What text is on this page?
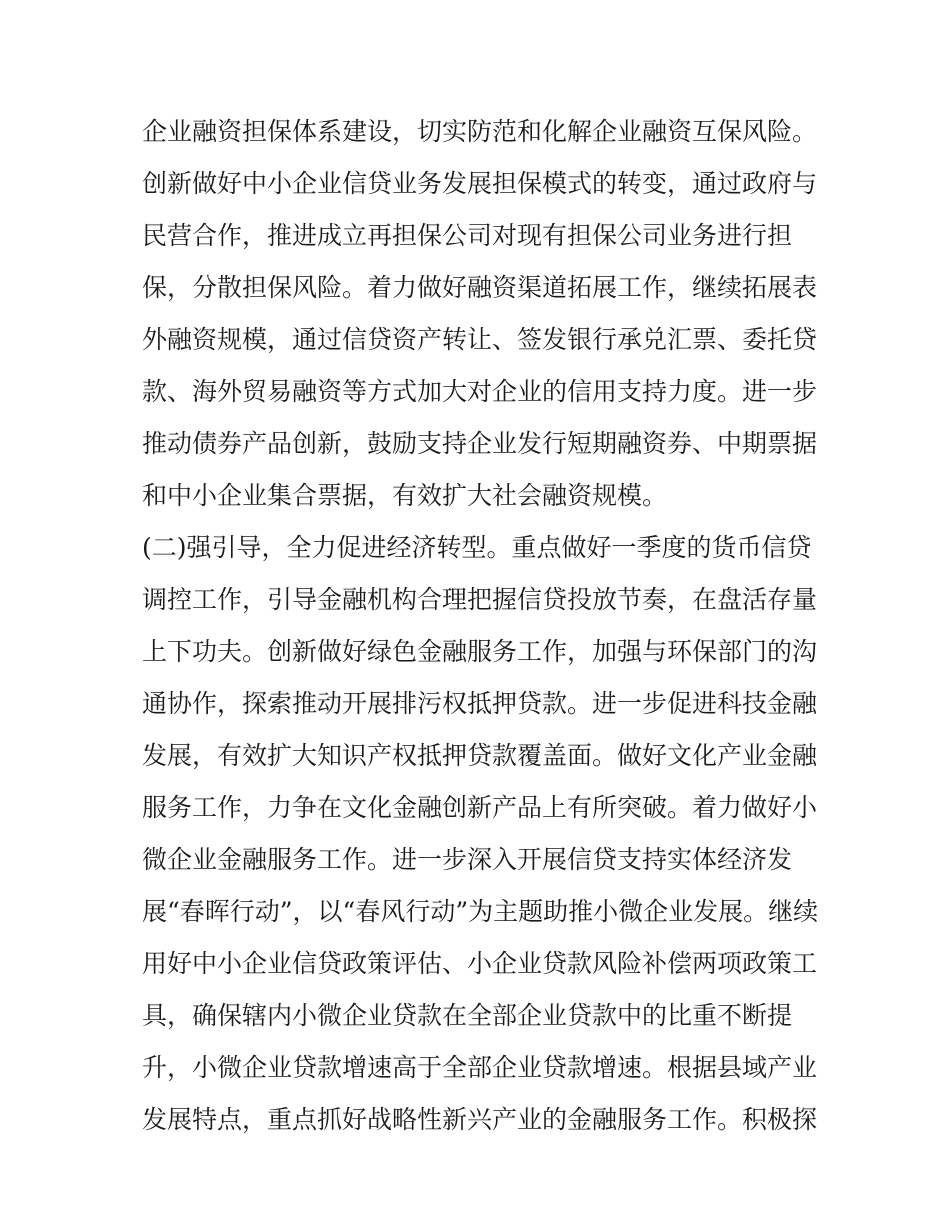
企业融资担保体系建设，切实防范和化解企业融资互保风险。
创新做好中小企业信贷业务发展担保模式的转变，通过政府与
民营合作，推进成立再担保公司对现有担保公司业务进行担
保，分散担保风险。着力做好融资渠道拓展工作，继续拓展表
外融资规模，通过信贷资产转让、签发银行承兑汇票、委托贷
款、海外贸易融资等方式加大对企业的信用支持力度。进一步
推动债券产品创新，鼓励支持企业发行短期融资券、中期票据
和中小企业集合票据，有效扩大社会融资规模。
(二)强引导，全力促进经济转型。重点做好一季度的货币信贷
调控工作，引导金融机构合理把握信贷投放节奏，在盘活存量
上下功夫。创新做好绿色金融服务工作，加强与环保部门的沟
通协作，探索推动开展排污权抵押贷款。进一步促进科技金融
发展，有效扩大知识产权抵押贷款覆盖面。做好文化产业金融
服务工作，力争在文化金融创新产品上有所突破。着力做好小
微企业金融服务工作。进一步深入开展信贷支持实体经济发
展“春晖行动”，以“春风行动”为主题助推小微企业发展。继续
用好中小企业信贷政策评估、小企业贷款风险补偿两项政策工
具，确保辖内小微企业贷款在全部企业贷款中的比重不断提
升，小微企业贷款增速高于全部企业贷款增速。根据县域产业
发展特点，重点抓好战略性新兴产业的金融服务工作。积极探
